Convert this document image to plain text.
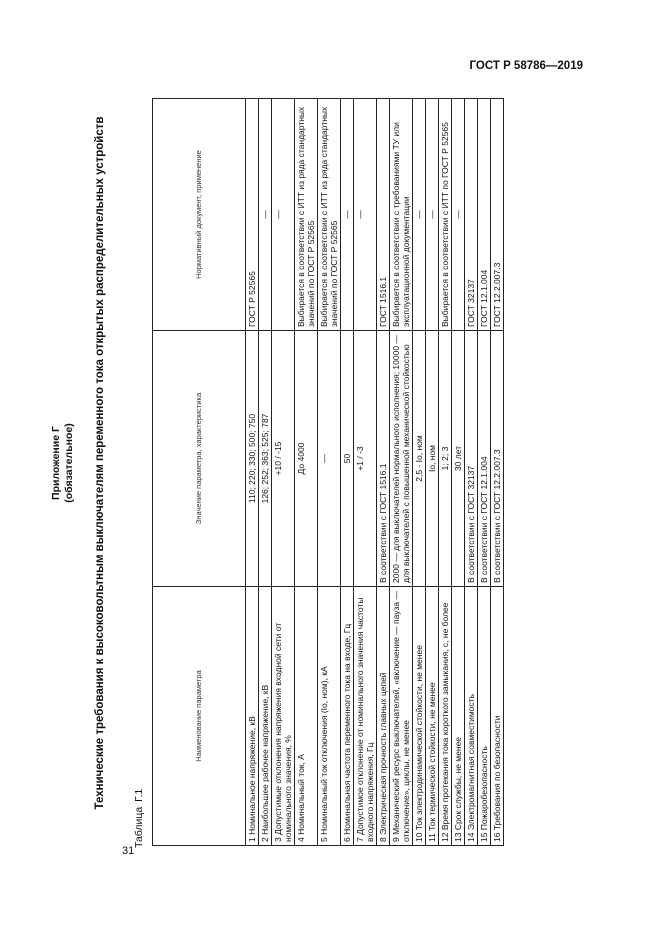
ГОСТ Р 58786—2019
Приложение Г (обязательное) Технические требования к высоковольтным выключателям переменного тока открытых распределительных устройств
Таблица Г.1
Наименование параметра	Значение параметра, характеристика	Нормативный документ, применение
1 Номинальное напряжение, кВ	110; 220; 330; 500; 750	ГОСТ Р 52565
2 Наибольшее рабочее напряжение, кВ	126; 252; 363; 525; 787	—
3 Допустимые отклонения напряжения входной сети от номинального значения, %	+10 / -15	—
4 Номинальный ток, А	До 4000	Выбирается в соответствии с ИТТ из ряда стандартных значений по ГОСТ Р 52565
5 Номинальный ток отключения (Iо, ном), кА	—	Выбирается в соответствии с ИТТ из ряда стандартных значений по ГОСТ Р 52565
6 Номинальная частота переменного тока на входе, Гц	50	—
7 Допустимое отклонение от номинального значения частоты входного напряжения, Гц	+1 / -3	—
8 Электрическая прочность главных цепей	В соответствии с ГОСТ 1516.1	ГОСТ 1516.1
9 Механический ресурс выключателей, «включение — пауза — отключение», циклы, не менее	2000 — для выключателей нормального исполнения; 10000 — для выключателей с повышенной механической стойкостью	Выбирается в соответствии с требованиями ТУ или эксплуатационной документации
10 Ток электродинамической стойкости, не менее	2,5 · Iо, ном	—
11 Ток термической стойкости, не менее	Iо, ном	—
12 Время протекания тока короткого замыкания, с, не более	1; 2; 3	Выбирается в соответствии с ИТТ по ГОСТ Р 52565
13 Срок службы, не менее	30 лет	—
14 Электромагнитная совместимость	В соответствии с ГОСТ 32137	ГОСТ 32137
15 Пожаробезопасность	В соответствии с ГОСТ 12.1.004	ГОСТ 12.1.004
16 Требования по безопасности	В соответствии с ГОСТ 12.2.007.3	ГОСТ 12.2.007.3
31
